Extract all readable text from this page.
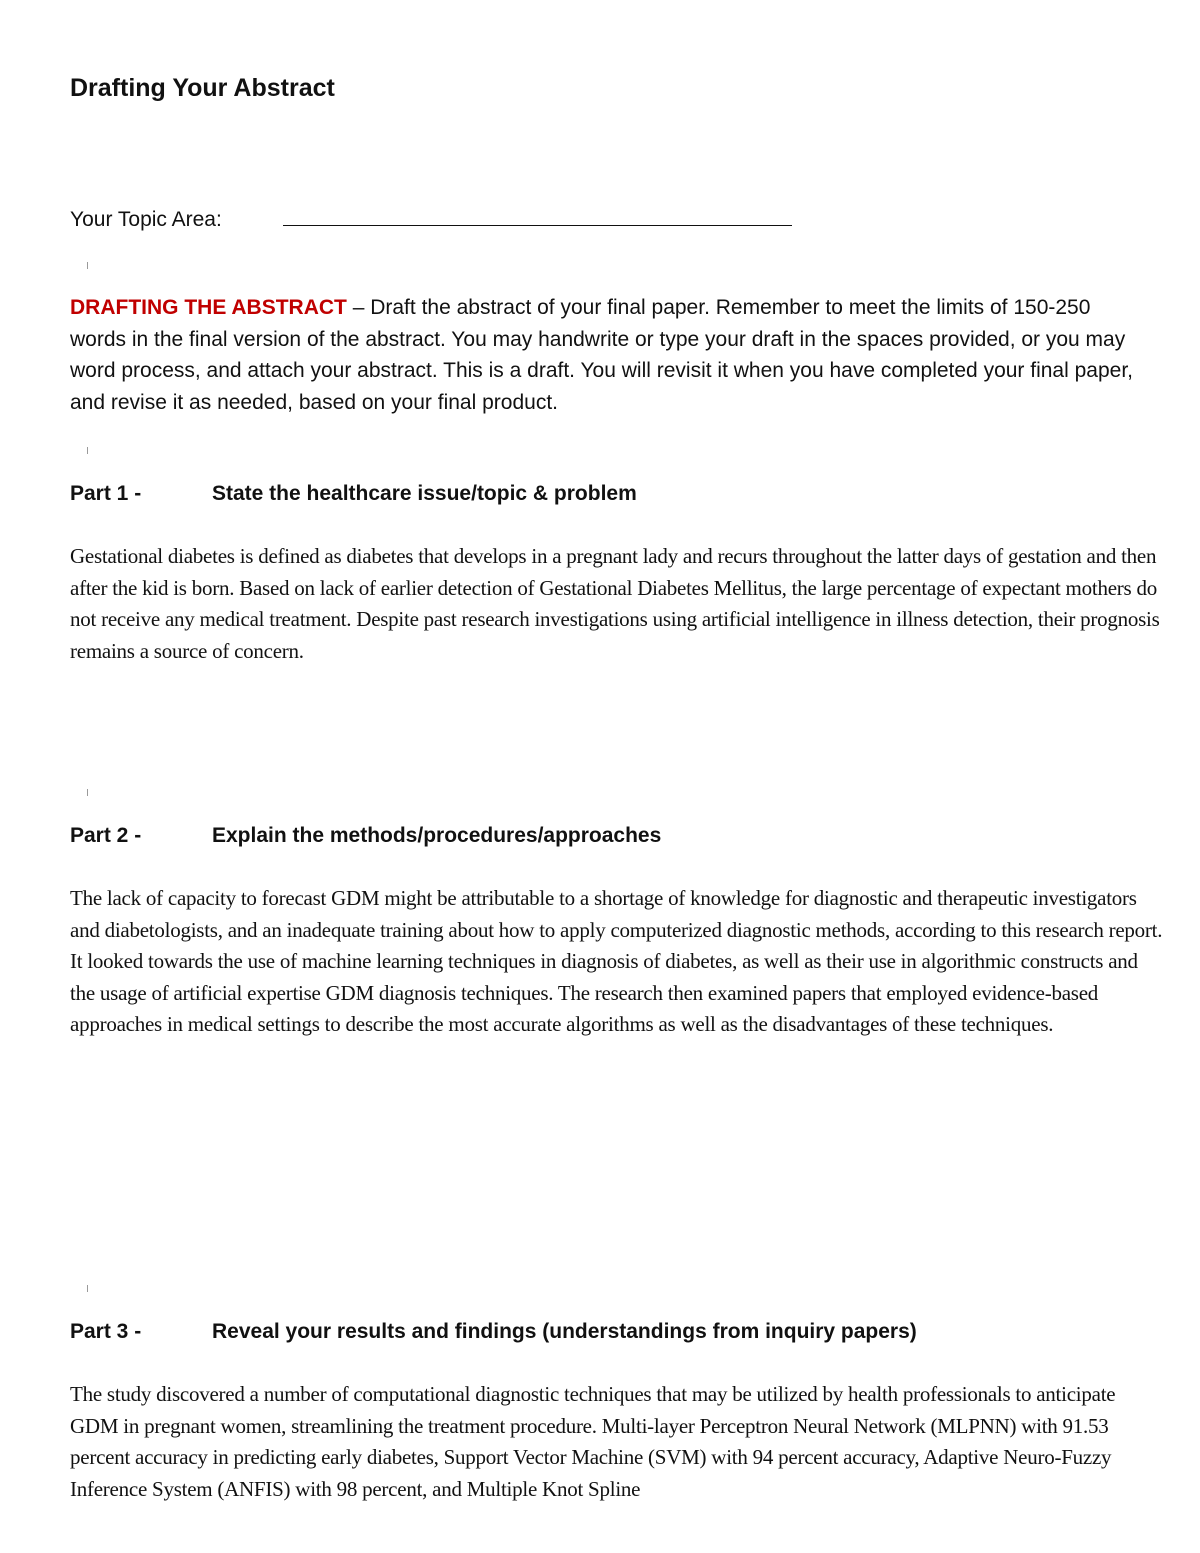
Drafting Your Abstract
Your Topic Area:

DRAFTING THE ABSTRACT – Draft the abstract of your final paper. Remember to meet the limits of 150-250 words in the final version of the abstract. You may handwrite or type your draft in the spaces provided, or you may word process, and attach your abstract. This is a draft. You will revisit it when you have completed your final paper, and revise it as needed, based on your final product.

Part 1 -	State the healthcare issue/topic & problem

Gestational diabetes is defined as diabetes that develops in a pregnant lady and recurs throughout the latter days of gestation and then after the kid is born. Based on lack of earlier detection of Gestational Diabetes Mellitus, the large percentage of expectant mothers do not receive any medical treatment. Despite past research investigations using artificial intelligence in illness detection, their prognosis remains a source of concern.

Part 2 -	Explain the methods/procedures/approaches

The lack of capacity to forecast GDM might be attributable to a shortage of knowledge for diagnostic and therapeutic investigators and diabetologists, and an inadequate training about how to apply computerized diagnostic methods, according to this research report. It looked towards the use of machine learning techniques in diagnosis of diabetes, as well as their use in algorithmic constructs and the usage of artificial expertise GDM diagnosis techniques. The research then examined papers that employed evidence-based approaches in medical settings to describe the most accurate algorithms as well as the disadvantages of these techniques.

Part 3 -	Reveal your results and findings (understandings from inquiry papers)

The study discovered a number of computational diagnostic techniques that may be utilized by health professionals to anticipate GDM in pregnant women, streamlining the treatment procedure. Multi-layer Perceptron Neural Network (MLPNN) with 91.53 percent accuracy in predicting early diabetes, Support Vector Machine (SVM) with 94 percent accuracy, Adaptive Neuro-Fuzzy Inference System (ANFIS) with 98 percent, and Multiple Knot Spline
